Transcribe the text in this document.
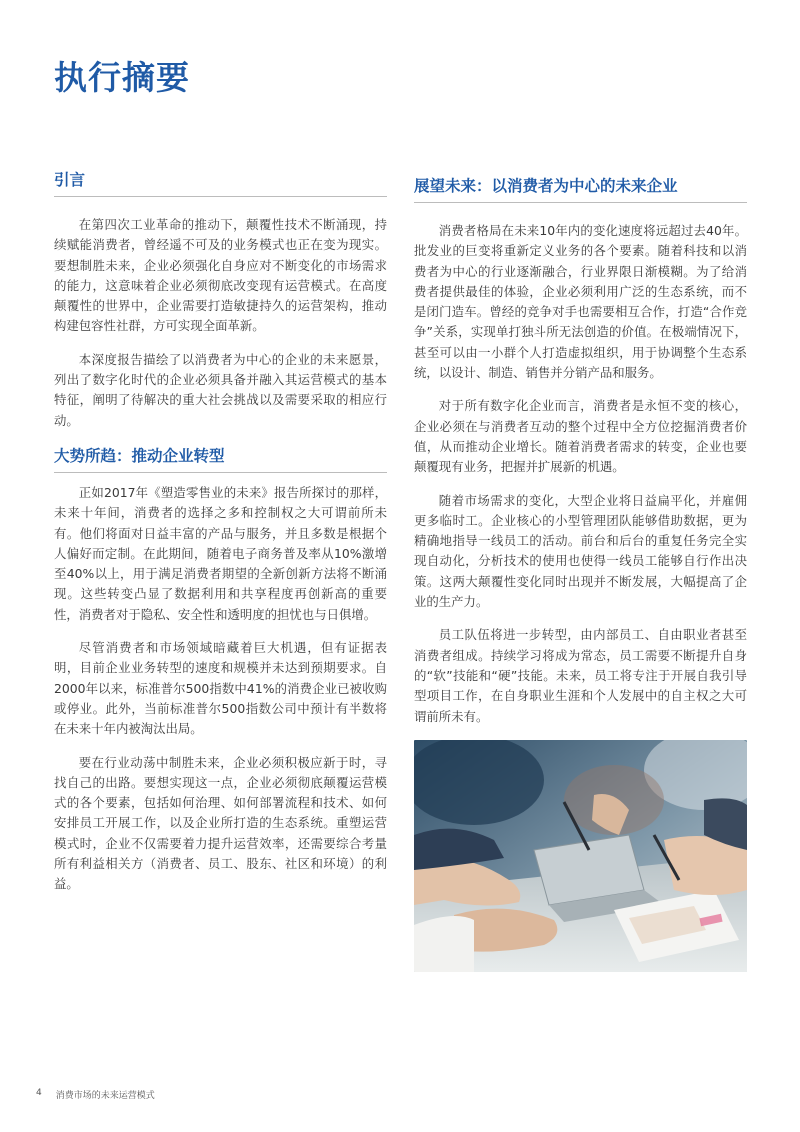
执行摘要
引言

在第四次工业革命的推动下，颠覆性技术不断涌现，持续赋能消费者，曾经遥不可及的业务模式也正在变为现实。要想制胜未来，企业必须强化自身应对不断变化的市场需求的能力，这意味着企业必须彻底改变现有运营模式。在高度颠覆性的世界中，企业需要打造敏捷持久的运营架构，推动构建包容性社群，方可实现全面革新。

本深度报告描绘了以消费者为中心的企业的未来愿景，列出了数字化时代的企业必须具备并融入其运营模式的基本特征，阐明了待解决的重大社会挑战以及需要采取的相应行动。

大势所趋：推动企业转型

正如2017年《塑造零售业的未来》报告所探讨的那样，未来十年间，消费者的选择之多和控制权之大可谓前所未有。他们将面对日益丰富的产品与服务，并且多数是根据个人偏好而定制。在此期间，随着电子商务普及率从10%激增至40%以上，用于满足消费者期望的全新创新方法将不断涌现。这些转变凸显了数据利用和共享程度再创新高的重要性，消费者对于隐私、安全性和透明度的担忧也与日俱增。

尽管消费者和市场领域暗藏着巨大机遇，但有证据表明，目前企业业务转型的速度和规模并未达到预期要求。自2000年以来，标准普尔500指数中41%的消费企业已被收购或停业。此外，当前标准普尔500指数公司中预计有半数将在未来十年内被淘汰出局。

要在行业动荡中制胜未来，企业必须积极应新于时，寻找自己的出路。要想实现这一点，企业必须彻底颠覆运营模式的各个要素，包括如何治理、如何部署流程和技术、如何安排员工开展工作，以及企业所打造的生态系统。重塑运营模式时，企业不仅需要着力提升运营效率，还需要综合考量所有利益相关方（消费者、员工、股东、社区和环境）的利益。

展望未来：以消费者为中心的未来企业

消费者格局在未来10年内的变化速度将远超过去40年。批发业的巨变将重新定义业务的各个要素。随着科技和以消费者为中心的行业逐渐融合，行业界限日渐模糊。为了给消费者提供最佳的体验，企业必须利用广泛的生态系统，而不是闭门造车。曾经的竞争对手也需要相互合作，打造“合作竞争”关系，实现单打独斗所无法创造的价值。在极端情况下，甚至可以由一小群个人打造虚拟组织，用于协调整个生态系统，以设计、制造、销售并分销产品和服务。

对于所有数字化企业而言，消费者是永恒不变的核心，企业必须在与消费者互动的整个过程中全方位挖掘消费者价值，从而推动企业增长。随着消费者需求的转变，企业也要颠覆现有业务，把握并扩展新的机遇。

随着市场需求的变化，大型企业将日益扁平化，并雇佣更多临时工。企业核心的小型管理团队能够借助数据，更为精确地指导一线员工的活动。前台和后台的重复任务完全实现自动化，分析技术的使用也使得一线员工能够自行作出决策。这两大颠覆性变化同时出现并不断发展，大幅提高了企业的生产力。

员工队伍将进一步转型，由内部员工、自由职业者甚至消费者组成。持续学习将成为常态，员工需要不断提升自身的“软”技能和“硬”技能。未来，员工将专注于开展自我引导型项目工作，在自身职业生涯和个人发展中的自主权之大可谓前所未有。

4 消费市场的未来运营模式
